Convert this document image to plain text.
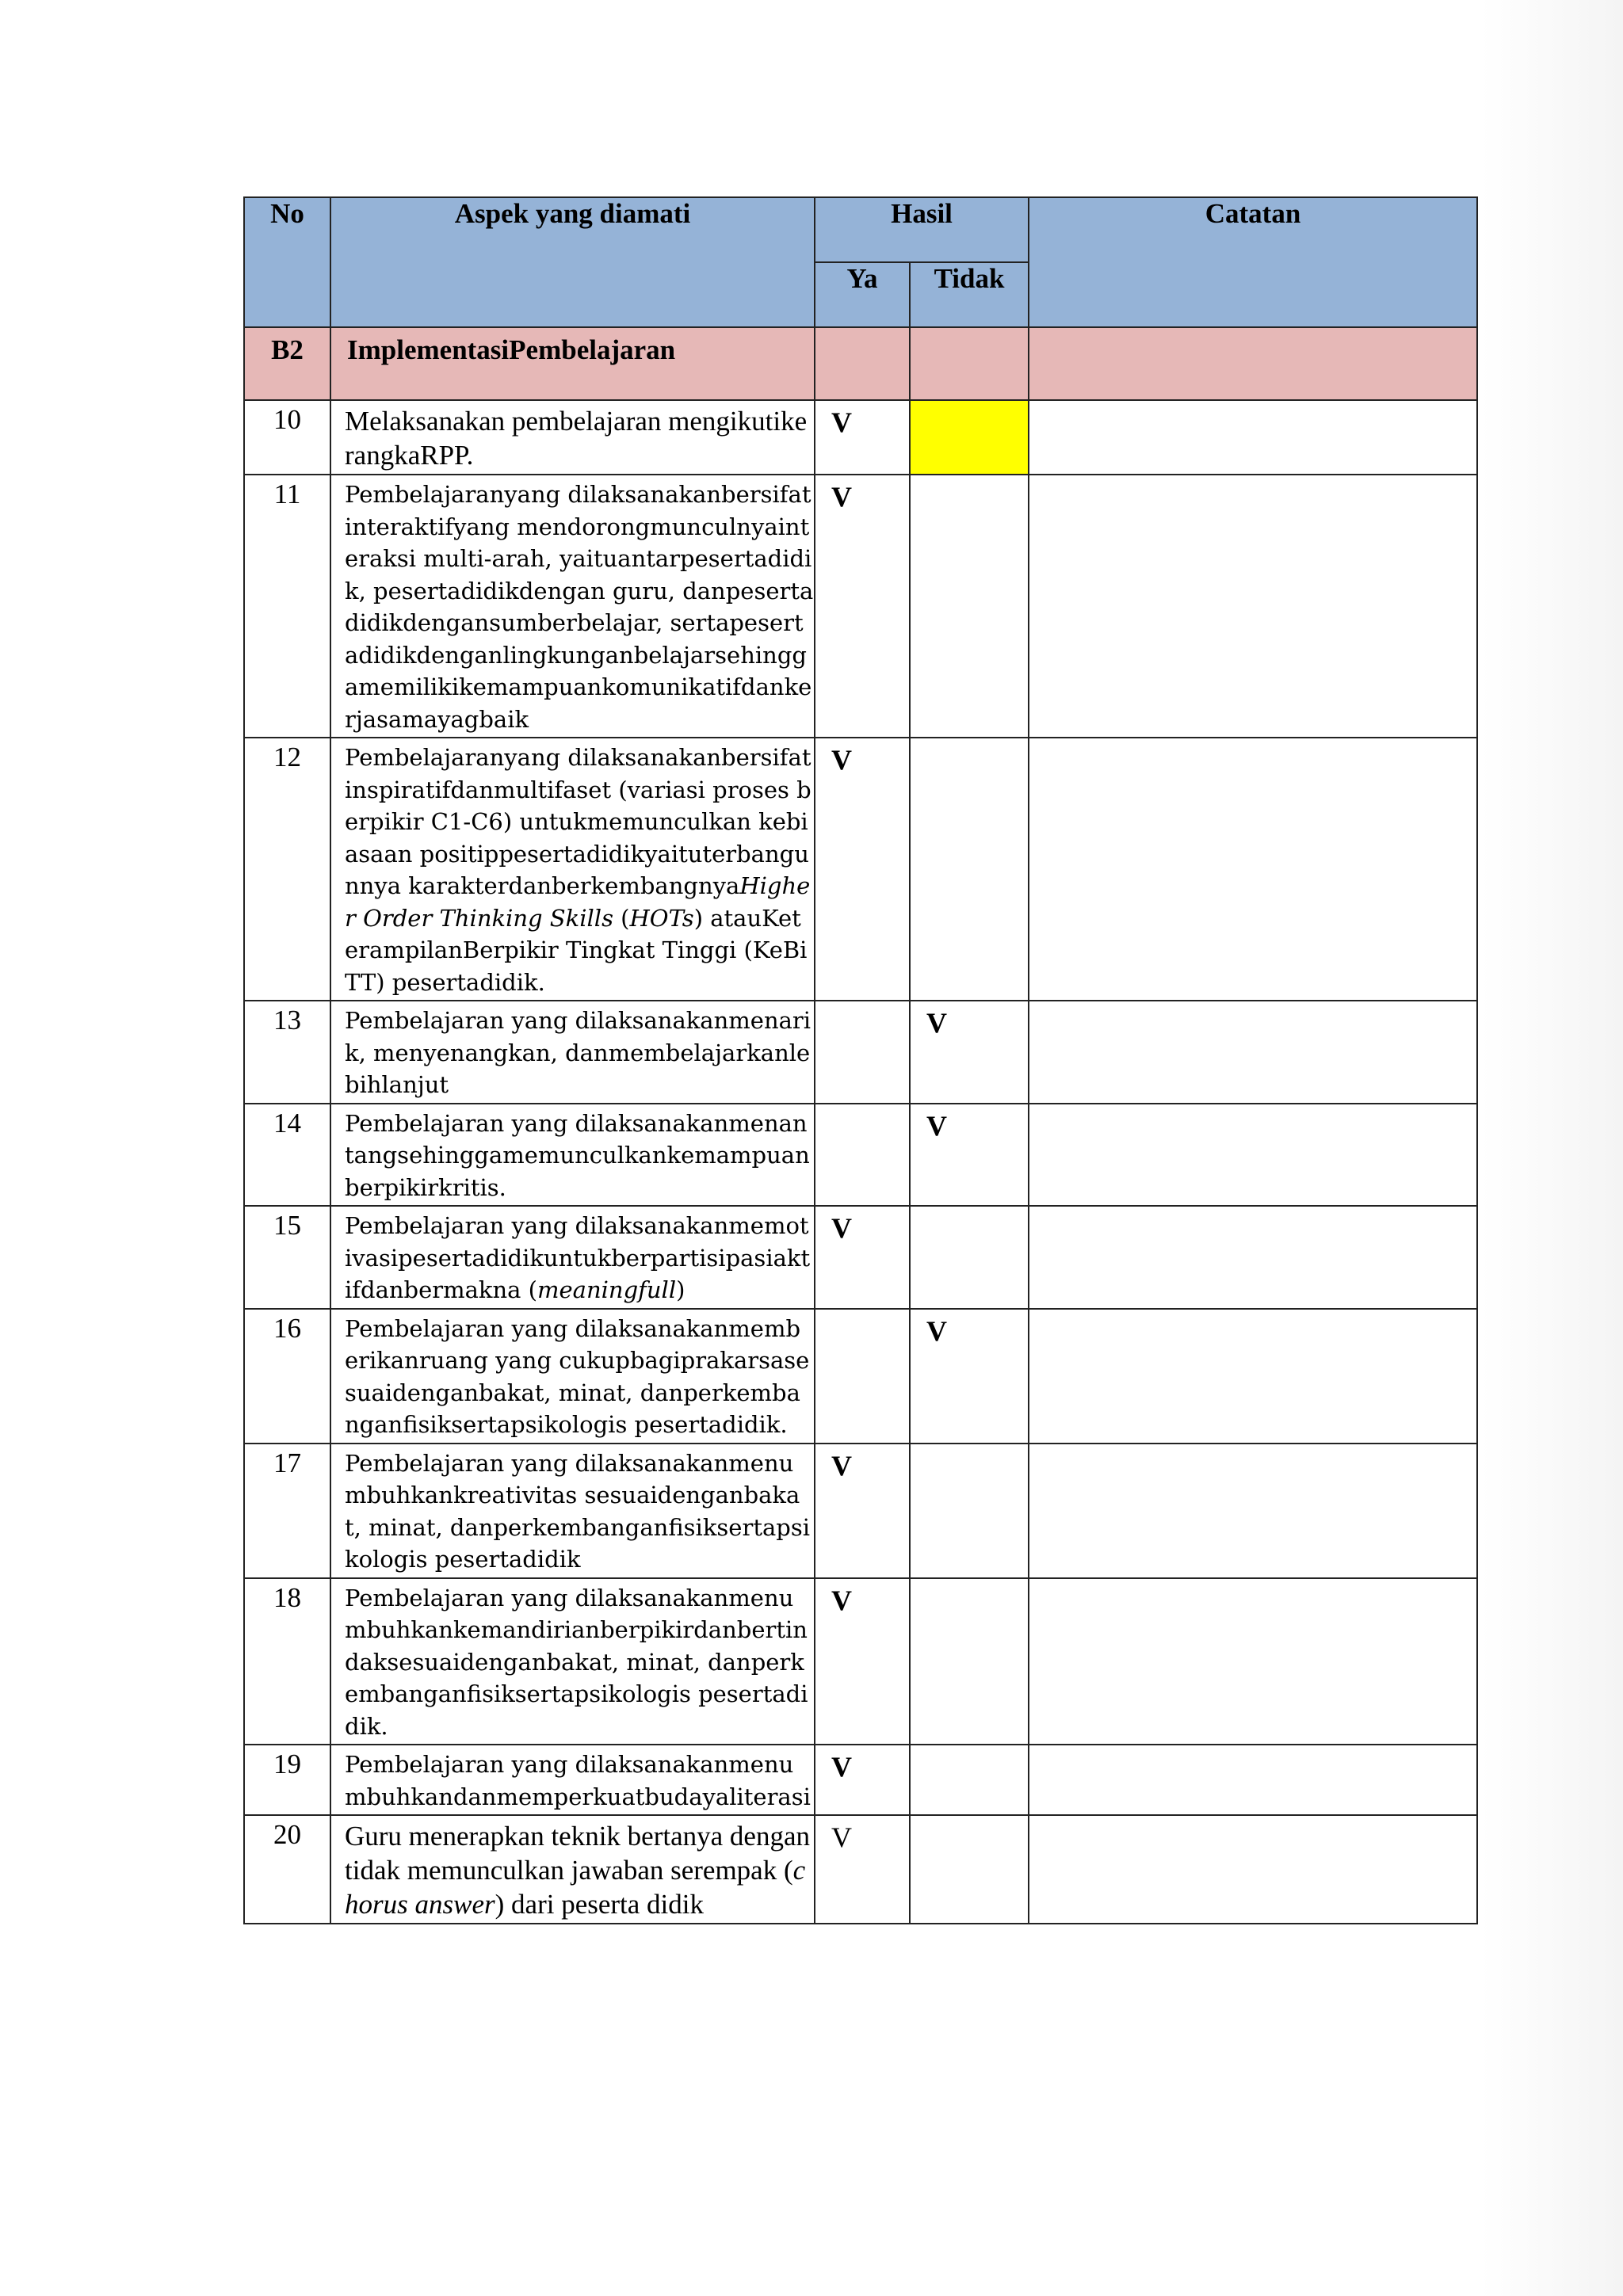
No	Aspek yang diamati	Hasil		Catatan
		Ya	Tidak	
B2	ImplementasiPembelajaran			
10	Melaksanakan pembelajaran mengikutikerangkaRPP.	V		
11	Pembelajaranyang dilaksanakanbersifatinteraktifyang mendorongmunculnyainteraksi multi-arah, yaituantarpesertadidik, pesertadidikdengan guru, danpesertadidikdengansumberbelajar, sertapesertadidikdenganlingkunganbelajarsehinggamemilikikemampuankomunikatifdankerjasamayagbaik	V		
12	Pembelajaranyang dilaksanakanbersifatinspiratifdanmultifaset (variasi proses berpikir C1-C6) untukmemunculkan kebiasaan positippesertadidikyaituterbangunnya karakterdanberkembangnyaHigher Order Thinking Skills (HOTs) atauKeterampilanBerpikir Tingkat Tinggi (KeBiTT) pesertadidik.	V		
13	Pembelajaran yang dilaksanakanmenarik, menyenangkan, danmembelajarkanlebihlanjut		V	
14	Pembelajaran yang dilaksanakanmenantangsehinggamemunculkankemampuanberpikirkritis.		V	
15	Pembelajaran yang dilaksanakanmemotivasipesertadidikuntukberpartisipasiaktifdanbermakna (meaningfull)	V		
16	Pembelajaran yang dilaksanakanmemberikanruang yang cukupbagiprakarsasesuaidenganbakat, minat, danperkembanganfisiksertapsikologis pesertadidik.		V	
17	Pembelajaran yang dilaksanakanmenumbuhkankreativitas sesuaidenganbakat, minat, danperkembanganfisiksertapsikologis pesertadidik	V		
18	Pembelajaran yang dilaksanakanmenumbuhkankemandirianberpikirdanbertindaksesuaidenganbakat, minat, danperkembanganfisiksertapsikologis pesertadidik.	V		
19	Pembelajaran yang dilaksanakanmenumbuhkandanmemperkuatbudayaliterasi	V		
20	Guru menerapkan teknik bertanya dengan tidak memunculkan jawaban serempak (chorus answer) dari peserta didik	V		
